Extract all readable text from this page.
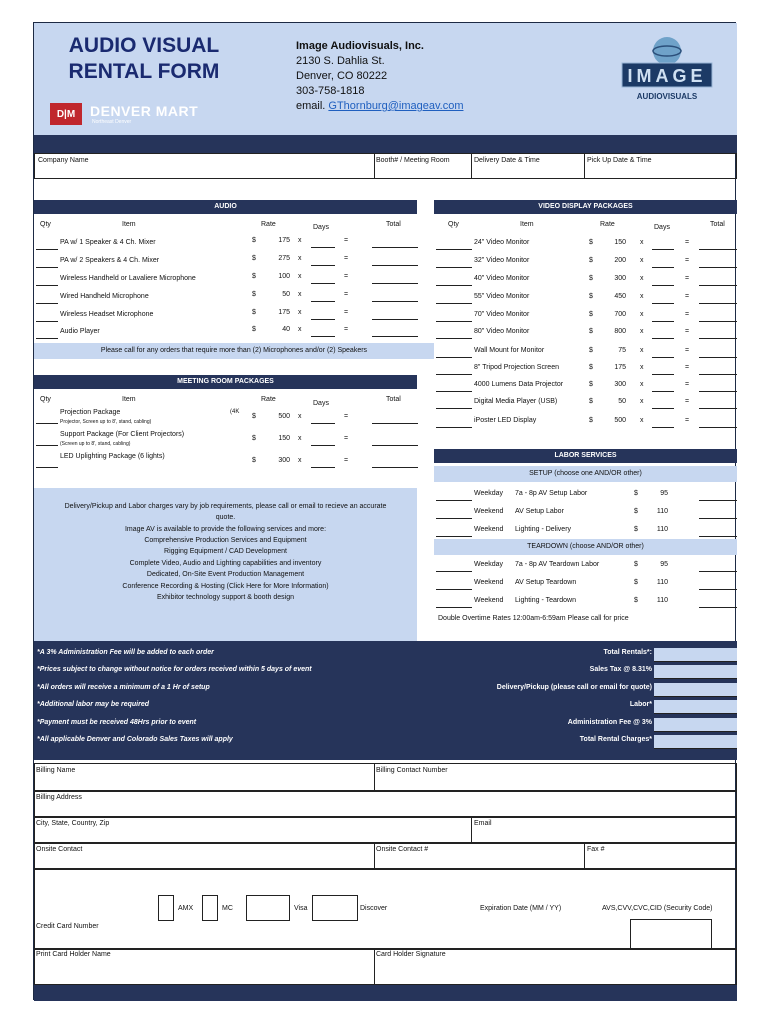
AUDIO VISUAL
RENTAL FORM
D|M	DENVER MART
Northeast Denver
Image Audiovisuals, Inc.
2130 S. Dahlia St.
Denver, CO 80222
303-758-1818
email. GThornburg@imageav.com
IMAGE
AUDIOVISUALS
Company Name	Booth# / Meeting Room	Delivery Date & Time	Pick Up Date & Time
AUDIO
Qty	Item	Rate	Days	Total
PA w/ 1 Speaker & 4 Ch. Mixer	$	175 x	=
PA w/ 2 Speakers & 4 Ch. Mixer	$	275 x	=
Wireless Handheld or Lavaliere Microphone	$	100 x	=
Wired Handheld Microphone	$	50 x	=
Wireless Headset Microphone	$	175 x	=
Audio Player	$	40 x	=
Please call for any orders that require more than (2) Microphones and/or (2) Speakers
MEETING ROOM PACKAGES
Qty	Item	Rate
Days
Total
Projection Package	(4K
Projector, Screen up to 8', stand, cabling)
$	500 x	=
Support Package (For Client Projectors)
(Screen up to 8', stand, cabling)
$	150 x	=
LED Uplighting Package (6 lights)
$	300 x	=
Delivery/Pickup and Labor charges vary by job requirements, please call or email to recieve an accurate
quote.
Image AV is available to provide the following services and more:
Comprehensive Production Services and Equipment
Rigging Equipment / CAD Development
Complete Video, Audio and Lighting capabilities and inventory
Dedicated, On-Site Event Production Management
Conference Recording & Hosting (Click Here for More Information)
Exhibitor technology support & booth design
VIDEO DISPLAY PACKAGES
Qty	Item	Rate	Days	Total
24" Video Monitor	$	150 x	=
32" Video Monitor	$	200 x	=
40" Video Monitor	$	300 x	=
55" Video Monitor	$	450 x	=
70" Video Monitor	$	700 x	=
80" Video Monitor	$	800 x	=
Wall Mount for Monitor	$	75 x	=
8" Tripod Projection Screen	$	175 x	=
4000 Lumens Data Projector	$	300 x	=
Digital Media Player (USB)	$	50 x	=
iPoster LED Display	$	500 x	=
LABOR SERVICES
SETUP (choose one AND/OR other)
Weekday 7a - 8p AV Setup Labor	$	95
Weekend AV Setup Labor	$	110
Weekend Lighting - Delivery	$	110
TEARDOWN (choose AND/OR other)
Weekday 7a - 8p AV Teardown Labor	$	95
Weekend AV Setup Teardown	$	110
Weekend Lighting - Teardown	$	110
Double Overtime Rates 12:00am-6:59am Please call for price
*A 3% Administration Fee will be added to each order
*Prices subject to change without notice for orders received within 5 days of event
*All orders will receive a minimum of a 1 Hr of setup
*Additional labor may be required
*Payment must be received 48Hrs prior to event
*All applicable Denver and Colorado Sales Taxes will apply
Total Rentals*:
Sales Tax @ 8.31%
Delivery/Pickup (please call or email for quote)
Labor*
Administration Fee @ 3%
Total Rental Charges*
Billing Name	Billing Contact Number
Billing Address
City, State, Country, Zip	Email
Onsite Contact	Onsite Contact #	Fax #
AMX	MC	Visa	Discover	Expiration Date (MM / YY)	AVS,CVV,CVC,CID (Security Code)
Credit Card Number
Print Card Holder Name	Card Holder Signature
